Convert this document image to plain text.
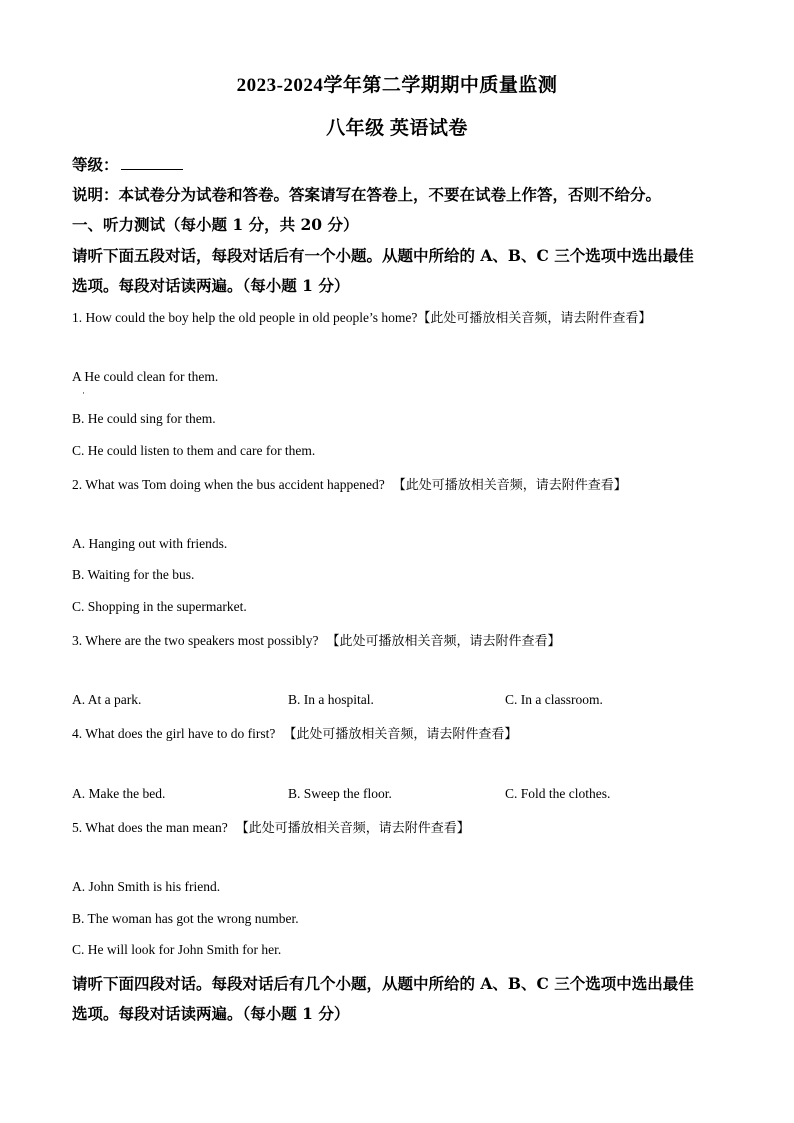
2023-2024学年第二学期期中质量监测
八年级 英语试卷
等级：
说明：本试卷分为试卷和答卷。答案请写在答卷上，不要在试卷上作答，否则不给分。
一、听力测试（每小题 1 分，共 20 分）
请听下面五段对话，每段对话后有一个小题。从题中所给的 A、B、C 三个选项中选出最佳
选项。每段对话读两遍。（每小题 1 分）
1. How could the boy help the old people in old people’s home?【此处可播放相关音频，请去附件查看】
A He could clean for them.
·
B. He could sing for them.
C. He could listen to them and care for them.
2. What was Tom doing when the bus accident happened? 【此处可播放相关音频，请去附件查看】
A. Hanging out with friends.
B. Waiting for the bus.
C. Shopping in the supermarket.
3. Where are the two speakers most possibly? 【此处可播放相关音频，请去附件查看】
A. At a park.	B. In a hospital.	C. In a classroom.
4. What does the girl have to do first? 【此处可播放相关音频，请去附件查看】
A. Make the bed.	B. Sweep the floor.	C. Fold the clothes.
5. What does the man mean? 【此处可播放相关音频，请去附件查看】
A. John Smith is his friend.
B. The woman has got the wrong number.
C. He will look for John Smith for her.
请听下面四段对话。每段对话后有几个小题，从题中所给的 A、B、C 三个选项中选出最佳
选项。每段对话读两遍。（每小题 1 分）
